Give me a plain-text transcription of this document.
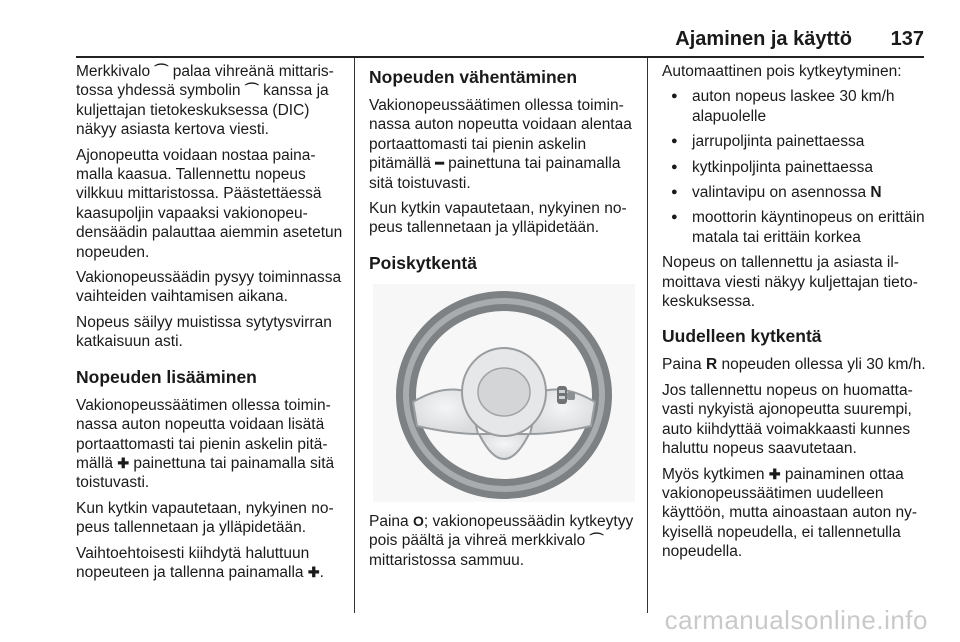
Ajaminen ja käyttö 137

Merkkivalo ⌒ palaa vihreänä mittaristossa yhdessä symbolin ⌒ kanssa ja kuljettajan tietokeskuksessa (DIC) näkyy asiasta kertova viesti.

Ajonopeutta voidaan nostaa painamalla kaasua. Tallennettu nopeus vilkkuu mittaristossa. Päästettäessä kaasupoljin vapaaksi vakionopeudensäädin palauttaa aiemmin asetetun nopeuden.

Vakionopeussäädin pysyy toiminnassa vaihteiden vaihtamisen aikana.

Nopeus säilyy muistissa sytytysvirran katkaisuun asti.

Nopeuden lisääminen

Vakionopeussäätimen ollessa toiminnassa auton nopeutta voidaan lisätä portaattomasti tai pienin askelin pitämällä ✚ painettuna tai painamalla sitä toistuvasti.

Kun kytkin vapautetaan, nykyinen nopeus tallennetaan ja ylläpidetään.

Vaihtoehtoisesti kiihdytä haluttuun nopeuteen ja tallenna painamalla ✚.

Nopeuden vähentäminen

Vakionopeussäätimen ollessa toiminnassa auton nopeutta voidaan alentaa portaattomasti tai pienin askelin pitämällä ━ painettuna tai painamalla sitä toistuvasti.

Kun kytkin vapautetaan, nykyinen nopeus tallennetaan ja ylläpidetään.

Poiskytkentä

Paina O; vakionopeussäädin kytkeytyy pois päältä ja vihreä merkkivalo ⌒ mittaristossa sammuu.

Automaattinen pois kytkeytyminen:

● auton nopeus laskee 30 km/h alapuolelle
● jarrupoljinta painettaessa
● kytkinpoljinta painettaessa
● valintavipu on asennossa N
● moottorin käyntinopeus on erittäin matala tai erittäin korkea

Nopeus on tallennettu ja asiasta ilmoittava viesti näkyy kuljettajan tietokeskuksessa.

Uudelleen kytkentä

Paina R nopeuden ollessa yli 30 km/h.

Jos tallennettu nopeus on huomattavasti nykyistä ajonopeutta suurempi, auto kiihdyttää voimakkaasti kunnes haluttu nopeus saavutetaan.

Myös kytkimen ✚ painaminen ottaa vakionopeussäätimen uudelleen käyttöön, mutta ainoastaan auton nykyisellä nopeudella, ei tallennetulla nopeudella.

carmanualsonline.info
